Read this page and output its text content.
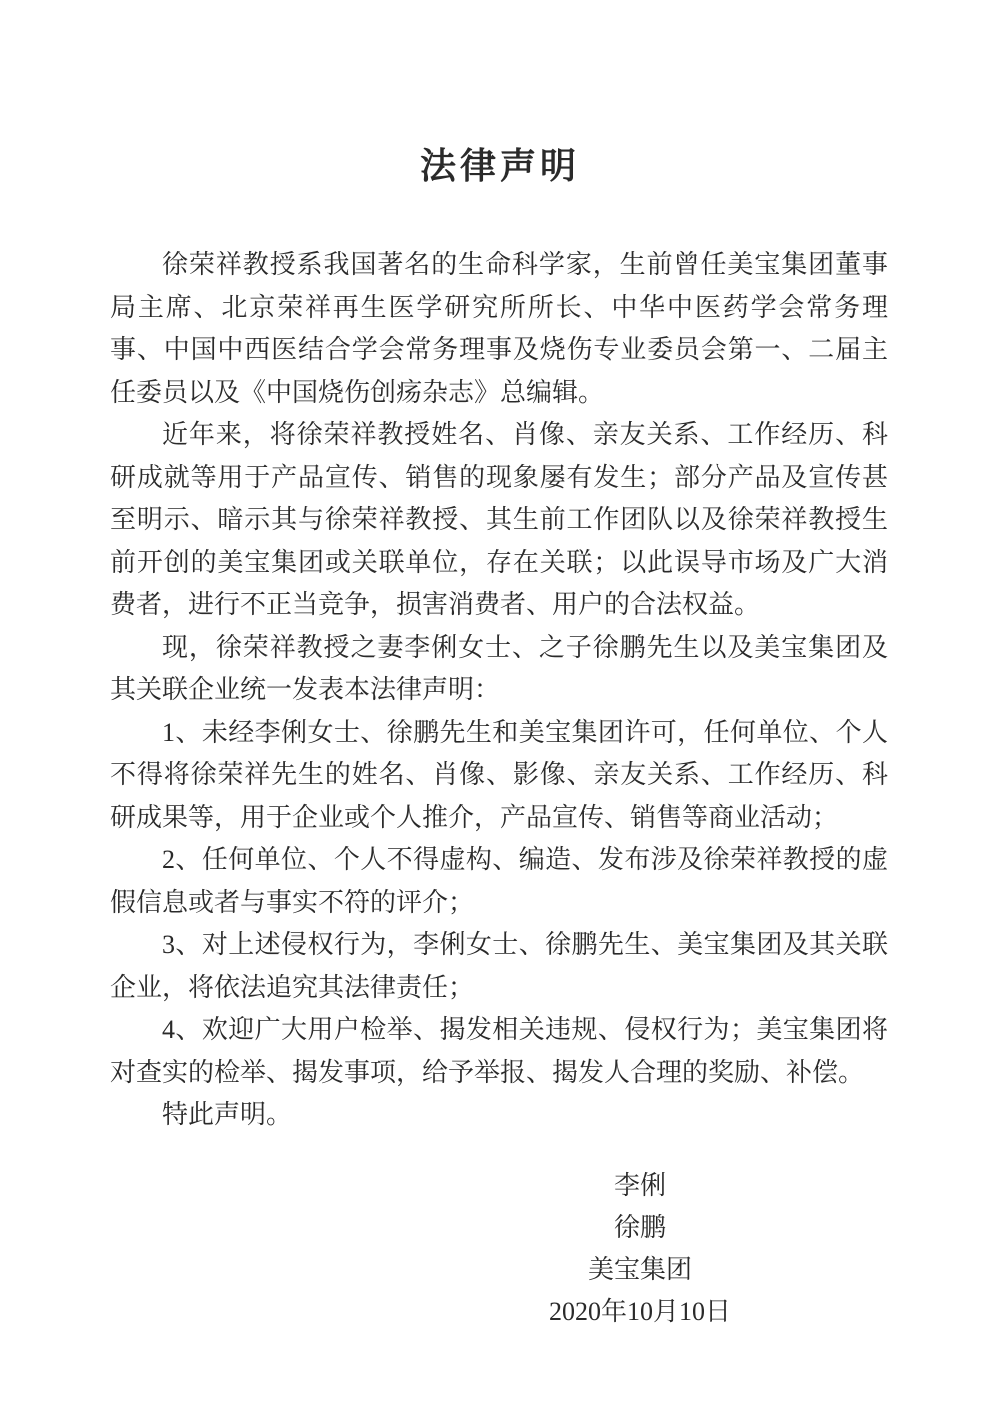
法律声明

徐荣祥教授系我国著名的生命科学家，生前曾任美宝集团董事局主席、北京荣祥再生医学研究所所长、中华中医药学会常务理事、中国中西医结合学会常务理事及烧伤专业委员会第一、二届主任委员以及《中国烧伤创疡杂志》总编辑。

近年来，将徐荣祥教授姓名、肖像、亲友关系、工作经历、科研成就等用于产品宣传、销售的现象屡有发生；部分产品及宣传甚至明示、暗示其与徐荣祥教授、其生前工作团队以及徐荣祥教授生前开创的美宝集团或关联单位，存在关联；以此误导市场及广大消费者，进行不正当竞争，损害消费者、用户的合法权益。

现，徐荣祥教授之妻李俐女士、之子徐鹏先生以及美宝集团及其关联企业统一发表本法律声明：

1、未经李俐女士、徐鹏先生和美宝集团许可，任何单位、个人不得将徐荣祥先生的姓名、肖像、影像、亲友关系、工作经历、科研成果等，用于企业或个人推介，产品宣传、销售等商业活动；

2、任何单位、个人不得虚构、编造、发布涉及徐荣祥教授的虚假信息或者与事实不符的评介；

3、对上述侵权行为，李俐女士、徐鹏先生、美宝集团及其关联企业，将依法追究其法律责任；

4、欢迎广大用户检举、揭发相关违规、侵权行为；美宝集团将对查实的检举、揭发事项，给予举报、揭发人合理的奖励、补偿。

特此声明。

李俐
徐鹏
美宝集团
2020年10月10日
